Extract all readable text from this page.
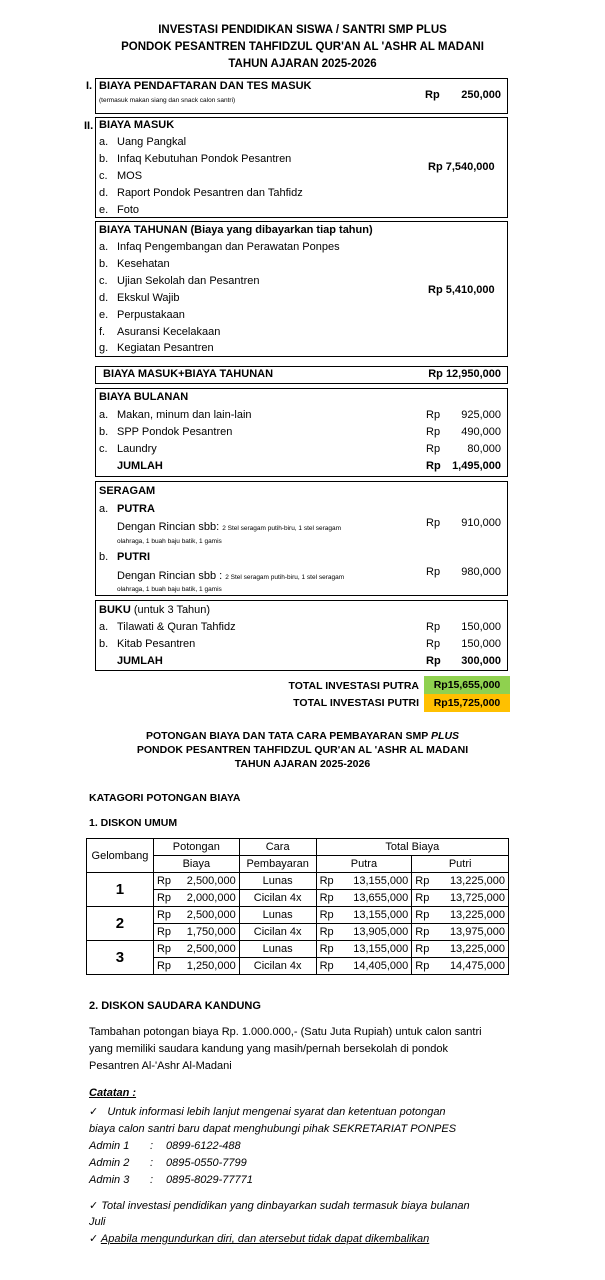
INVESTASI PENDIDIKAN SISWA / SANTRI SMP PLUS
PONDOK PESANTREN TAHFIDZUL QUR'AN AL 'ASHR AL MADANI
TAHUN AJARAN 2025-2026
I. BIAYA PENDAFTARAN DAN TES MASUK
(termasuk makan siang dan snack calon santri)	Rp 250,000
II. BIAYA MASUK
a. Uang Pangkal
b. Infaq Kebutuhan Pondok Pesantren
c. MOS
d. Raport Pondok Pesantren dan Tahfidz
e. Foto
Rp 7,540,000
BIAYA TAHUNAN (Biaya yang dibayarkan tiap tahun)
a. Infaq Pengembangan dan Perawatan Ponpes
b. Kesehatan
c. Ujian Sekolah dan Pesantren
d. Ekskul Wajib
e. Perpustakaan
f.	Asuransi Kecelakaan
g. Kegiatan Pesantren
Rp 5,410,000
BIAYA MASUK+BIAYA TAHUNAN	Rp 12,950,000
BIAYA BULANAN
a. Makan, minum dan lain-lain	Rp 925,000
b. SPP Pondok Pesantren	Rp 490,000
c. Laundry	Rp 80,000
JUMLAH	Rp 1,495,000
SERAGAM
a. PUTRA
Dengan Rincian sbb: 2 Stel seragam putih-biru, 1 stel seragam
olahraga, 1 buah baju batik, 1 gamis
Rp 910,000
b. PUTRI
Dengan Rincian sbb : 2 Stel seragam putih-biru, 1 stel seragam
olahraga, 1 buah baju batik, 1 gamis
Rp 980,000
BUKU (untuk 3 Tahun)
a. Tilawati & Quran Tahfidz	Rp 150,000
b. Kitab Pesantren	Rp 150,000
JUMLAH	Rp 300,000
TOTAL INVESTASI PUTRA	Rp15,655,000
TOTAL INVESTASI PUTRI	Rp15,725,000
POTONGAN BIAYA DAN TATA CARA PEMBAYARAN SMP PLUS
PONDOK PESANTREN TAHFIDZUL QUR'AN AL 'ASHR AL MADANI
TAHUN AJARAN 2025-2026
KATAGORI POTONGAN BIAYA
1. DISKON UMUM
Gelombang	Potongan	Cara	Total Biaya	
	Biaya	Pembayaran	Putra	Putri
1	Rp 2,500,000	Lunas	Rp 13,155,000	Rp 13,225,000

	Rp 2,000,000	Cicilan 4x	Rp 13,655,000	Rp 13,725,000

2	Rp 2,500,000	Lunas	Rp 13,155,000	Rp 13,225,000

	Rp 1,750,000	Cicilan 4x	Rp 13,905,000	Rp 13,975,000

3	Rp 2,500,000	Lunas	Rp 13,155,000	Rp 13,225,000

	Rp 1,250,000	Cicilan 4x	Rp 14,405,000	Rp 14,475,000
2. DISKON SAUDARA KANDUNG
Tambahan potongan biaya Rp. 1.000.000,- (Satu Juta Rupiah) untuk calon santri
yang memiliki saudara kandung yang masih/pernah bersekolah di pondok
Pesantren Al-'Ashr Al-Madani
Catatan :
✓ Untuk informasi lebih lanjut mengenai syarat dan ketentuan potongan
biaya calon santri baru dapat menghubungi pihak SEKRETARIAT PONPES
Admin 1 : 0899-6122-488
Admin 2 : 0895-0550-7799
Admin 3 : 0895-8029-77771
✓ Total investasi pendidikan yang dinbayarkan sudah termasuk biaya bulanan
Juli
✓ Apabila mengundurkan diri, dan atersebut tidak dapat dikembalikan
